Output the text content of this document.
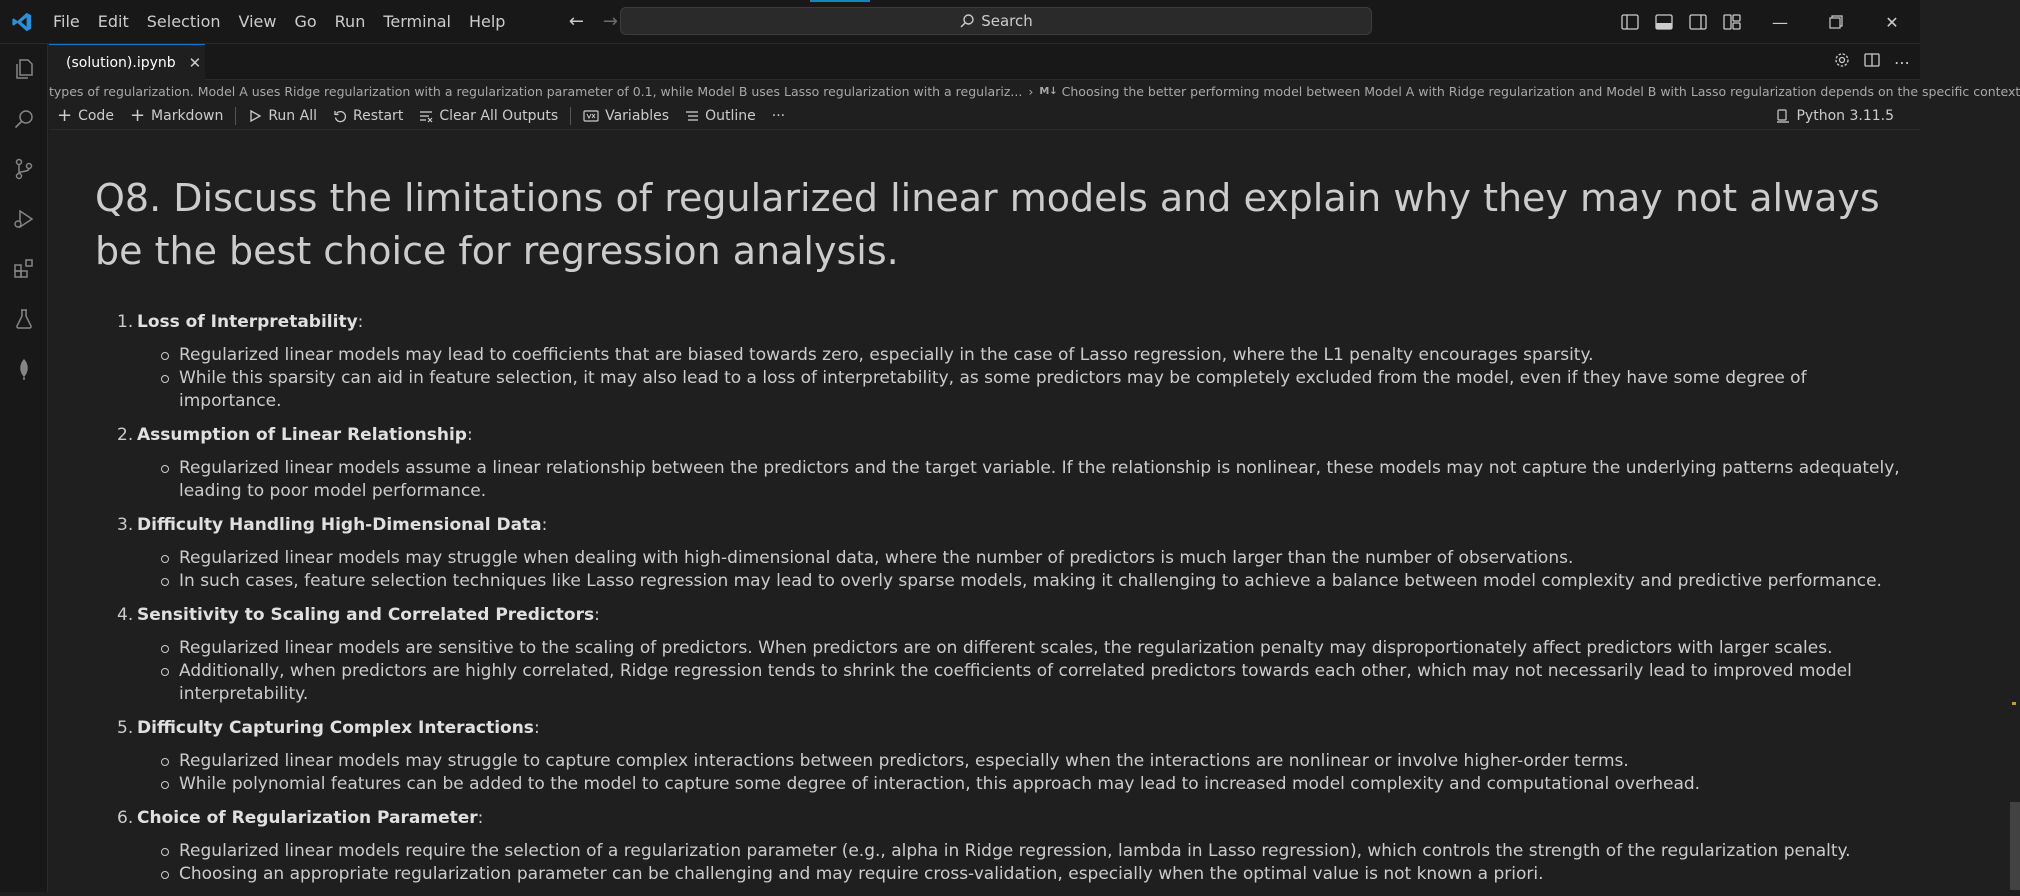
File	Edit	Selection	View	Go	Run	Terminal	Help	← →	Search	—	✕
(solution).ipynb ✕	⋯
types of regularization. Model A uses Ridge regularization with a regularization parameter of 0.1, while Model B uses Lasso regularization with a regulariz... › M↓ Choosing the better performing model between Model A with Ridge regularization and Model B with Lasso regularization depends on the specific context
+ Code + Markdown	Run All	Restart	Clear All Outputs	Variables	Outline ···	Python 3.11.5
Q8. Discuss the limitations of regularized linear models and explain why they may not always be the best choice for regression analysis.
1. Loss of Interpretability:
Regularized linear models may lead to coefficients that are biased towards zero, especially in the case of Lasso regression, where the L1 penalty encourages sparsity.
While this sparsity can aid in feature selection, it may also lead to a loss of interpretability, as some predictors may be completely excluded from the model, even if they have some degree of importance.
2. Assumption of Linear Relationship:
Regularized linear models assume a linear relationship between the predictors and the target variable. If the relationship is nonlinear, these models may not capture the underlying patterns adequately, leading to poor model performance.
3. Difficulty Handling High-Dimensional Data:
Regularized linear models may struggle when dealing with high-dimensional data, where the number of predictors is much larger than the number of observations.
In such cases, feature selection techniques like Lasso regression may lead to overly sparse models, making it challenging to achieve a balance between model complexity and predictive performance.
4. Sensitivity to Scaling and Correlated Predictors:
Regularized linear models are sensitive to the scaling of predictors. When predictors are on different scales, the regularization penalty may disproportionately affect predictors with larger scales.
Additionally, when predictors are highly correlated, Ridge regression tends to shrink the coefficients of correlated predictors towards each other, which may not necessarily lead to improved model interpretability.
5. Difficulty Capturing Complex Interactions:
Regularized linear models may struggle to capture complex interactions between predictors, especially when the interactions are nonlinear or involve higher-order terms.
While polynomial features can be added to the model to capture some degree of interaction, this approach may lead to increased model complexity and computational overhead.
6. Choice of Regularization Parameter:
Regularized linear models require the selection of a regularization parameter (e.g., alpha in Ridge regression, lambda in Lasso regression), which controls the strength of the regularization penalty.
Choosing an appropriate regularization parameter can be challenging and may require cross-validation, especially when the optimal value is not known a priori.
